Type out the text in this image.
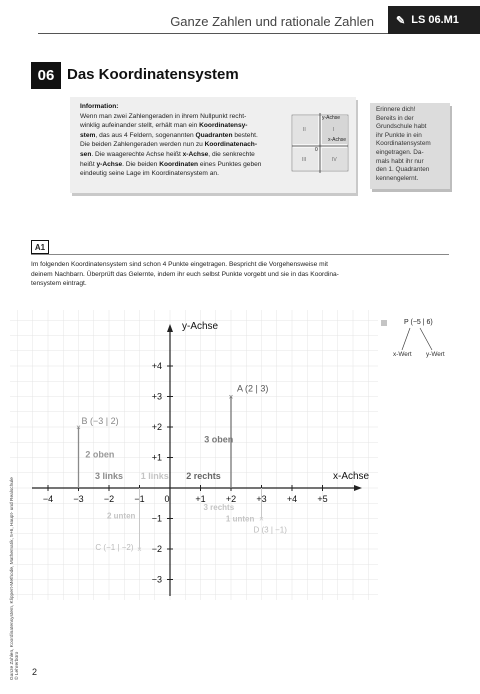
Ganze Zahlen und rationale Zahlen ✎ LS 06.M1
06 Das Koordinatensystem
Information:
Wenn man zwei Zahlengeraden in ihrem Nullpunkt recht-
winklig aufeinander stellt, erhält man ein Koordinatensy-
stem, das aus 4 Feldern, sogenannten Quadranten besteht.
Die beiden Zahlengeraden werden nun zu Koordinatenach-
sen. Die waagerechte Achse heißt x-Achse, die senkrechte
heißt y-Achse. Die beiden Koordinaten eines Punktes geben
eindeutig seine Lage im Koordinatensystem an.
y-Achse
x-Achse
0
I
II
III	IV
Erinnere dich!
Bereits in der
Grundschule habt
ihr Punkte in ein
Koordinatensystem
eingetragen. Da-
mals habt ihr nur
den 1. Quadranten
kennengelernt.
A1
Im folgenden Koordinatensystem sind schon 4 Punkte eingetragen. Bespricht die Vorgehensweise mit
deinem Nachbarn. Überprüft das Gelernte, indem ihr euch selbst Punkte vorgebt und sie in das Koordina-
tensystem eintragt.
x-Achse
y-Achse
−4 −3 −2 −1 0	+1 +2 +3 +4 +5
+4
+3
+2
+1
−1
−2
−3
×
×
×
×
A (2 | 3)
B (−3 | 2)
C (−1 | −2)
D (3 | −1)
2 rechts
3 oben
3 links
2 oben
1 links
2 unten
3 rechts
1 unten
P (−5 | 6)
x-Wert y-Wert
Ganze Zahlen, Koordinatensystem, Klippert-Methode, Mathematik, 5+6, Haupt- und Realschule © Lehrerbüro 2
